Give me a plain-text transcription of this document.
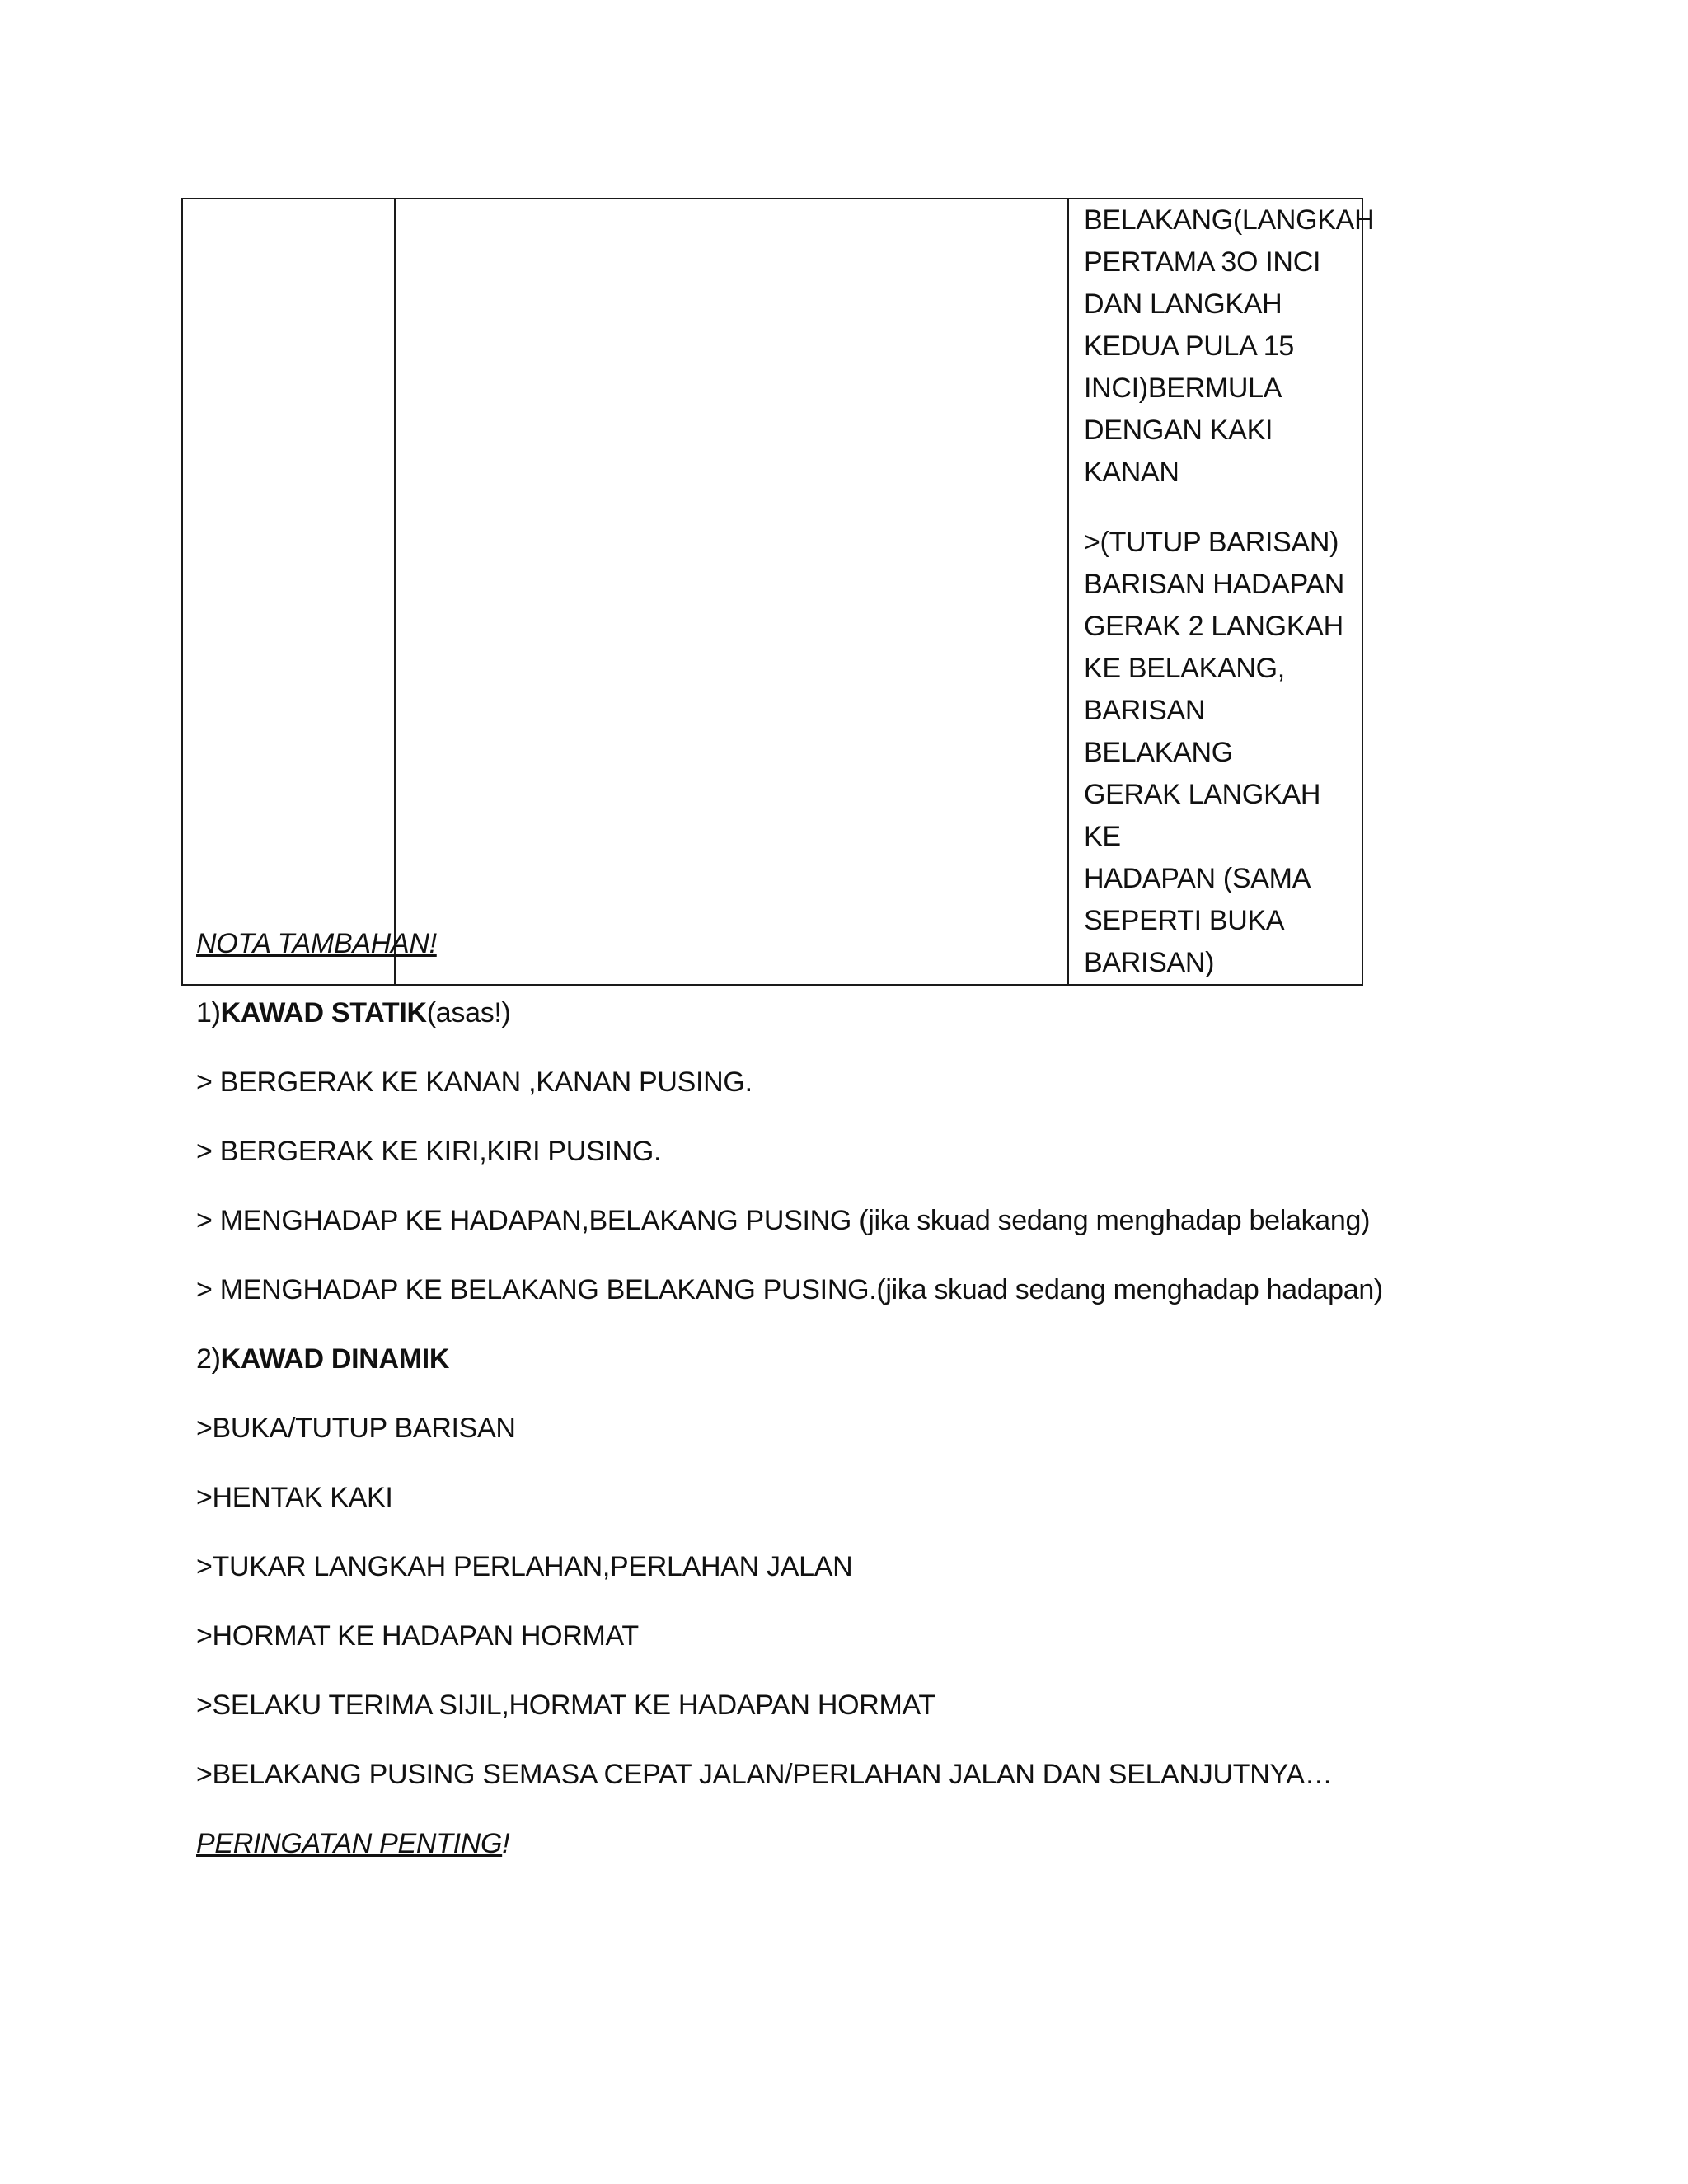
BELAKANG(LANGKAH
PERTAMA 3O INCI
DAN LANGKAH
KEDUA PULA 15
INCI)BERMULA
DENGAN KAKI
KANAN
>(TUTUP BARISAN)
BARISAN HADAPAN
GERAK 2 LANGKAH
KE BELAKANG,
BARISAN BELAKANG
GERAK LANGKAH KE
HADAPAN (SAMA
SEPERTI BUKA
BARISAN)

NOTA TAMBAHAN!

1)KAWAD STATIK(asas!)

> BERGERAK KE KANAN ,KANAN PUSING.

> BERGERAK KE KIRI,KIRI PUSING.

> MENGHADAP KE HADAPAN,BELAKANG PUSING (jika skuad sedang menghadap belakang)

> MENGHADAP KE BELAKANG BELAKANG PUSING.(jika skuad sedang menghadap hadapan)

2)KAWAD DINAMIK

>BUKA/TUTUP BARISAN

>HENTAK KAKI

>TUKAR LANGKAH PERLAHAN,PERLAHAN JALAN

>HORMAT KE HADAPAN HORMAT

>SELAKU TERIMA SIJIL,HORMAT KE HADAPAN HORMAT

>BELAKANG PUSING SEMASA CEPAT JALAN/PERLAHAN JALAN DAN SELANJUTNYA…

PERINGATAN PENTING!
